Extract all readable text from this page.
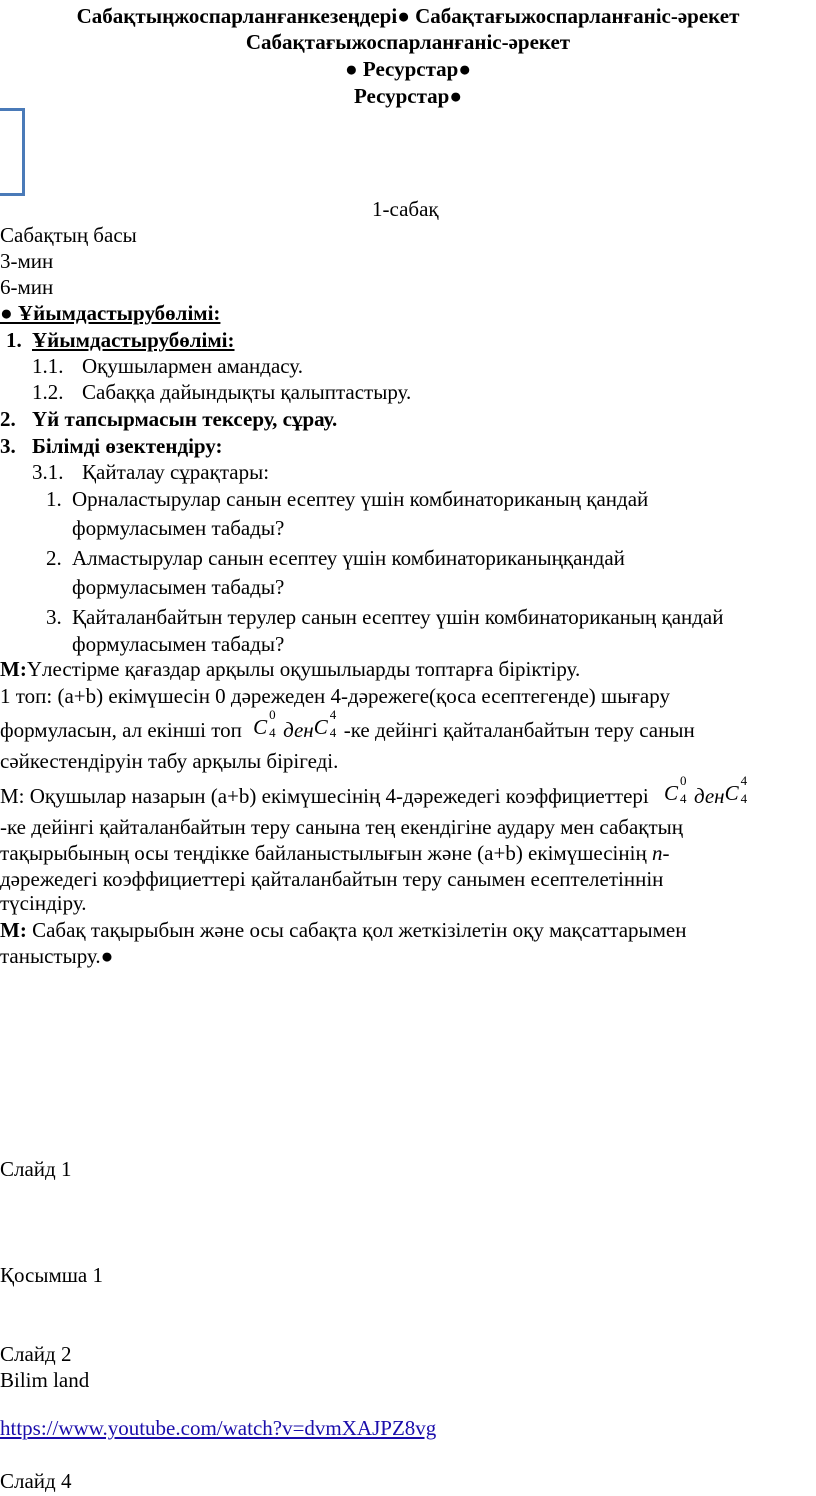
Сабақтыңжоспарланғанкезеңдері● Сабақтағыжоспарланғаніс-әрекет
Сабақтағыжоспарланғаніс-әрекет
● Ресурстар●
Ресурстар●
1-сабақ
Сабақтың басы
3-мин
6-мин
● Ұйымдастырубөлімі:
1. Ұйымдастырубөлімі:
1.1. Оқушылармен амандасу.
1.2. Сабаққа дайындықты қалыптастыру.
2. Үй тапсырмасын тексеру, сұрау.
3. Білімді өзектендіру:
3.1. Қайталау сұрақтары:
1. Орналастырулар санын есептеу үшін комбинаториканың қандай
формуласымен табады?
2. Алмастырулар санын есептеу үшін комбинаториканыңқандай
формуласымен табады?
3. Қайталанбайтын терулер санын есептеу үшін комбинаториканың қандай
формуласымен табады?
М:Үлестірме қағаздар арқылы оқушылыарды топтарға біріктіру.
1 топ: (a+b) екімүшесін 0 дәрежеден 4-дәрежеге(қоса есептегенде) шығару
формуласын, ал екінші топ C
0
4 ден C
4
4 -ке дейінгі қайталанбайтын теру санын
сәйкестендіруін табу арқылы бірігеді.
М: Оқушылар назарын (a+b) екімүшесінің 4-дәрежедегі коэффициеттері C
0
4 ден C
4
4
-ке дейінгі қайталанбайтын теру санына тең екендігіне аудару мен сабақтың
тақырыбының осы теңдікке байланыстылығын және (a+b) екімүшесінің n-
дәрежедегі коэффициеттері қайталанбайтын теру санымен есептелетіннін
түсіндіру.
М: Сабақ тақырыбын және осы сабақта қол жеткізілетін оқу мақсаттарымен
таныстыру.●
Слайд 1
Қосымша 1
Слайд 2
Bilim land
https://www.youtube.com/watch?v=dvmXAJPZ8vg
Слайд 4
